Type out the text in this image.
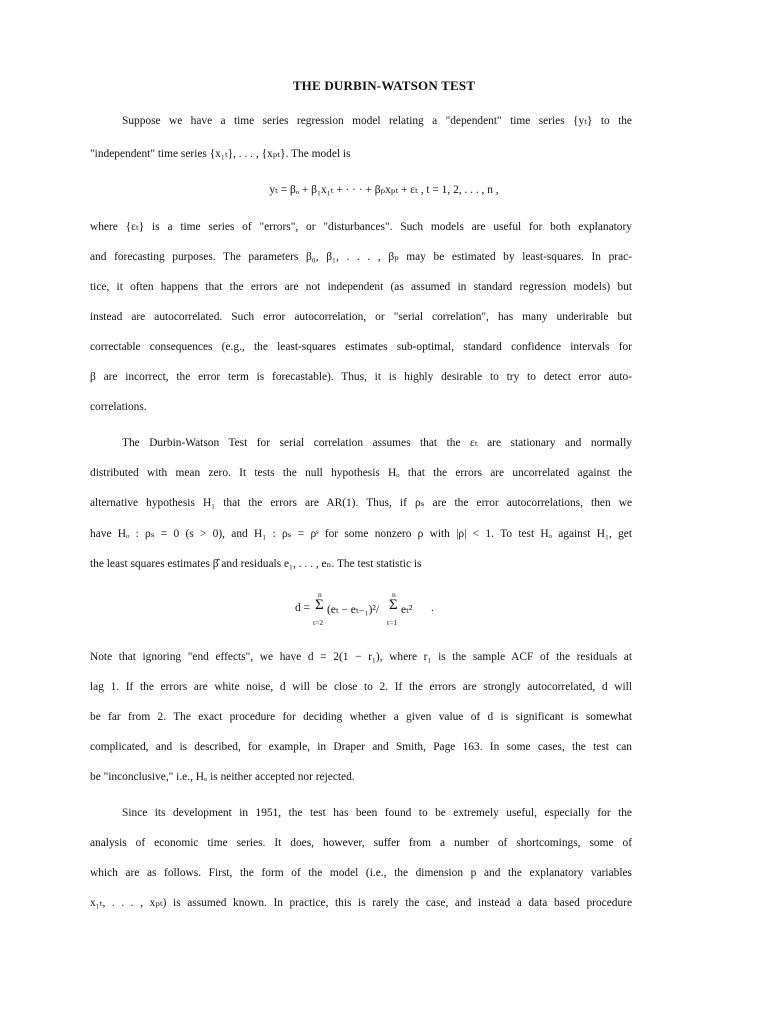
THE DURBIN-WATSON TEST
Suppose we have a time series regression model relating a "dependent" time series {yₜ} to the
"independent" time series {x₁ₜ}, . . . , {xₚₜ}. The model is
yₜ = βₒ + β₁x₁ₜ + · · · + βₚxₚₜ + εₜ , t = 1, 2, . . . , n ,
where {εₜ} is a time series of "errors", or "disturbances". Such models are useful for both explanatory
and forecasting purposes. The parameters β₀, β₁, . . . , βₚ may be estimated by least-squares. In prac-
tice, it often happens that the errors are not independent (as assumed in standard regression models) but
instead are autocorrelated. Such error autocorrelation, or "serial correlation", has many underirable but
correctable consequences (e.g., the least-squares estimates sub-optimal, standard confidence intervals for
β are incorrect, the error term is forecastable). Thus, it is highly desirable to try to detect error auto-
correlations.
The Durbin-Watson Test for serial correlation assumes that the εₜ are stationary and normally
distributed with mean zero. It tests the null hypothesis Hₒ that the errors are uncorrelated against the
alternative hypothesis H₁ that the errors are AR(1). Thus, if ρₛ are the error autocorrelations, then we
have Hₒ : ρₛ = 0 (s > 0), and H₁ : ρₛ = ρˢ for some nonzero ρ with |ρ| < 1. To test Hₒ against H₁, get
the least squares estimates β̂ and residuals e₁, . . . , eₙ. The test statistic is
d =
n
Σ
t=2
(eₜ − eₜ₋₁)²/
n
Σ
t=1
eₜ² .
Note that ignoring "end effects", we have d = 2(1 − r₁), where r₁ is the sample ACF of the residuals at
lag 1. If the errors are white noise, d will be close to 2. If the errors are strongly autocorrelated, d will
be far from 2. The exact procedure for deciding whether a given value of d is significant is somewhat
complicated, and is described, for example, in Draper and Smith, Page 163. In some cases, the test can
be "inconclusive," i.e., Hₒ is neither accepted nor rejected.
Since its development in 1951, the test has been found to be extremely useful, especially for the
analysis of economic time series. It does, however, suffer from a number of shortcomings, some of
which are as follows. First, the form of the model (i.e., the dimension p and the explanatory variables
x₁ₜ, . . . , xₚₜ) is assumed known. In practice, this is rarely the case, and instead a data based procedure
